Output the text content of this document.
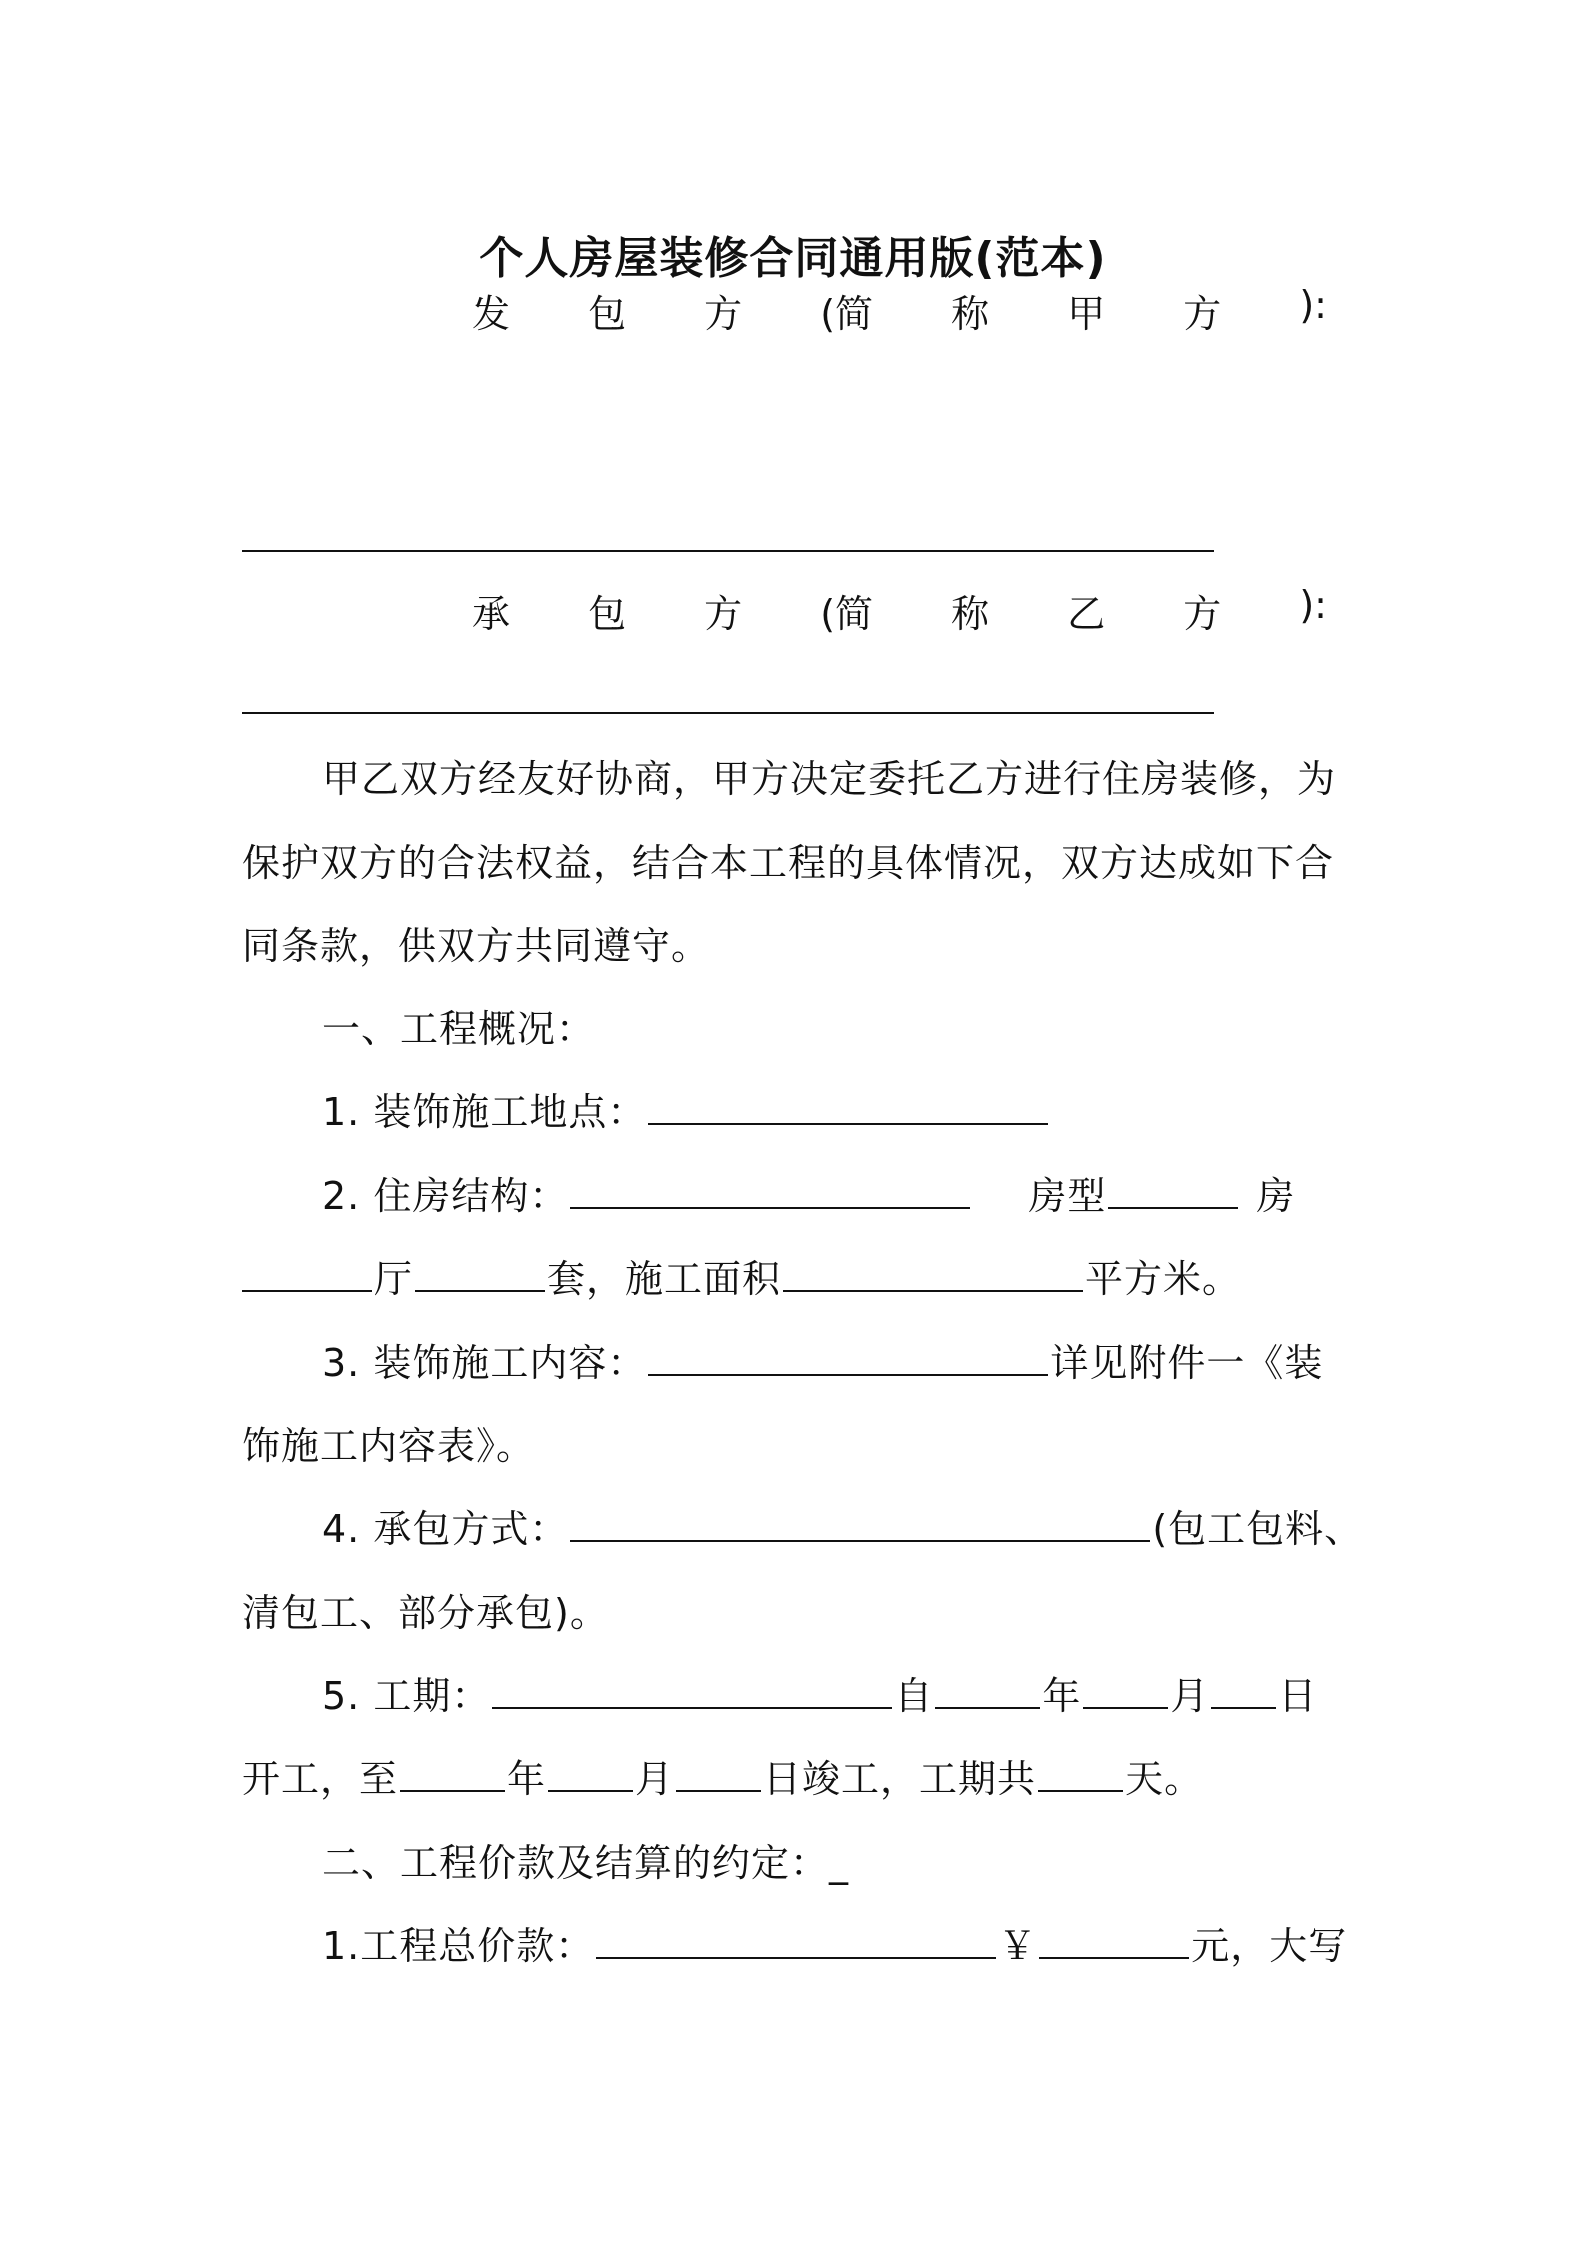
个人房屋装修合同通用版(范本)
发 包 方 (简 称 甲 方 ):
承 包 方 (简 称 乙 方 ):
甲乙双方经友好协商，甲方决定委托乙方进行住房装修，为
保护双方的合法权益，结合本工程的具体情况，双方达成如下合
同条款，供双方共同遵守。
一、工程概况：
1. 装饰施工地点：
2. 住房结构：	房型	房
厅	套，施工面积	平方米。
3. 装饰施工内容：	详见附件一《装
饰施工内容表》。
4. 承包方式：	(包工包料、
清包工、部分承包)。
5. 工期：	自	年 月 日
开工，至	年 月 日竣工，工期共 天。
二、工程价款及结算的约定：_
1.工程总价款：	￥	元，大写
